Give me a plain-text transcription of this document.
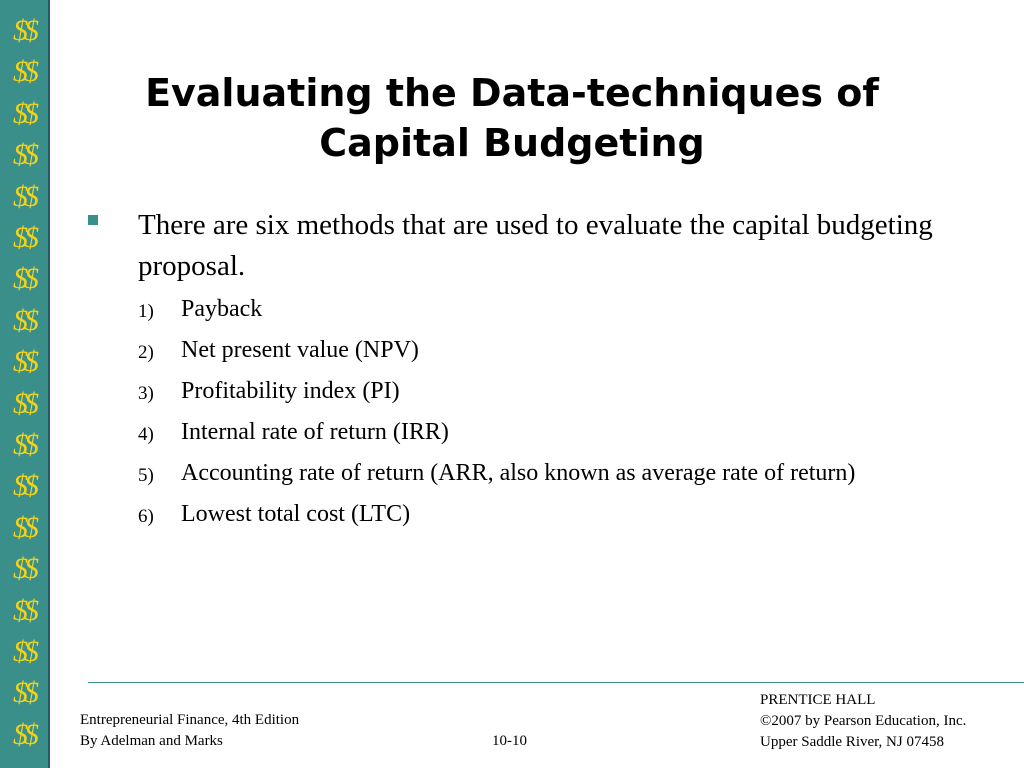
$$
$$
$$
$$
$$
$$
$$
$$
$$
$$
$$
$$
$$
$$
$$
$$
$$
$$
Evaluating the Data-techniques of
Capital Budgeting
There are six methods that are used to evaluate the capital budgeting proposal.
1) Payback
2) Net present value (NPV)
3) Profitability index (PI)
4) Internal rate of return (IRR)
5) Accounting rate of return (ARR, also known as average rate of return)
6) Lowest total cost (LTC)
Entrepreneurial Finance, 4th Edition
By Adelman and Marks	10-10
PRENTICE HALL
©2007 by Pearson Education, Inc.
Upper Saddle River, NJ 07458
